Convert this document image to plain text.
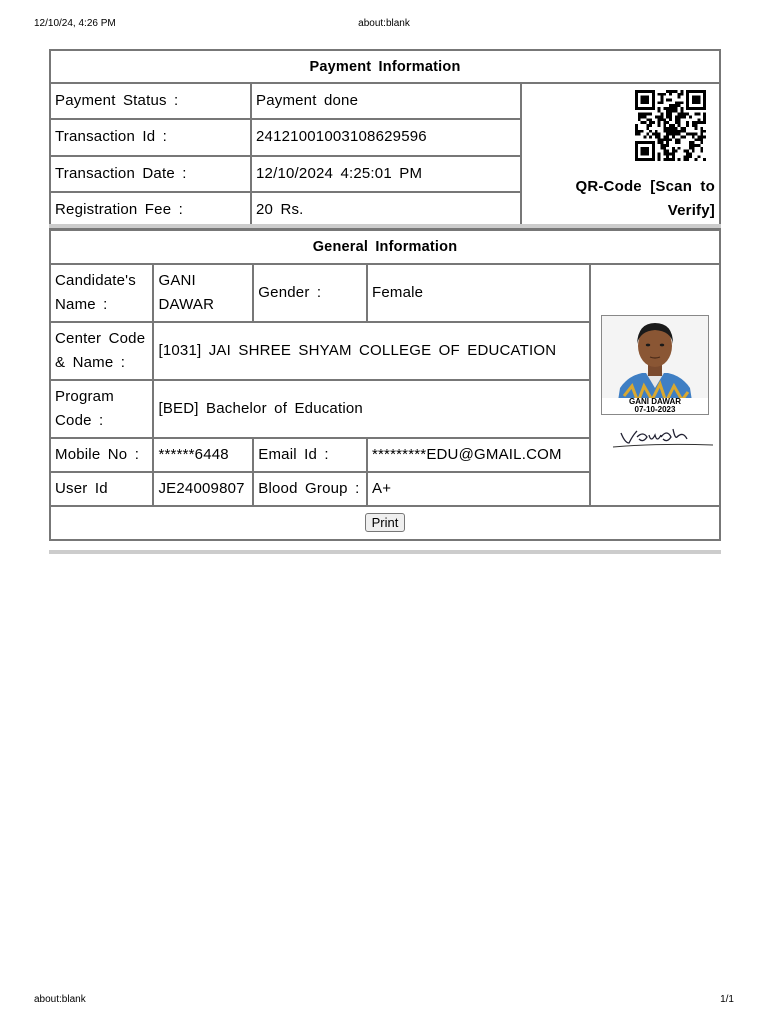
12/10/24, 4:26 PM	about:blank
Payment Information		
Payment Status :	Payment done	QR-Code [Scan to
Verify]

Transaction Id :	24121001003108629596	
Transaction Date :	12/10/2024 4:25:01 PM	
Registration Fee :	20 Rs.	
General Information				
Candidate's Name :	GANI DAWAR	Gender :	Female	GANI DAWAR
07-10-2023

Center Code & Name :	[1031] JAI SHREE SHYAM COLLEGE OF EDUCATION			
Program Code :	[BED] Bachelor of Education			
Mobile No :	******6448	Email Id :	*********EDU@GMAIL.COM	
User Id	JE24009807	Blood Group :	A+	
Print				
about:blank	1/1
